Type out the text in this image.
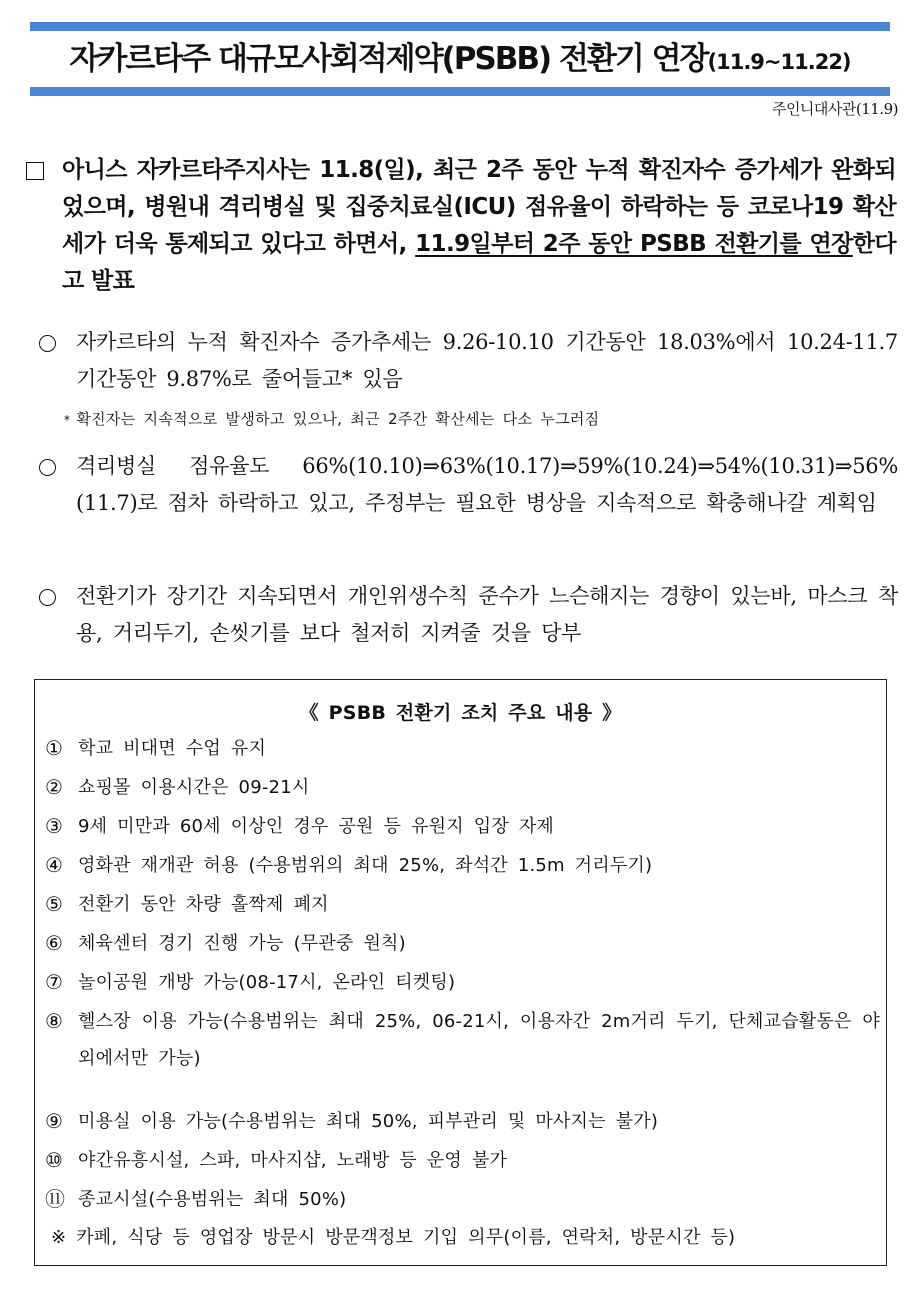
자카르타주 대규모사회적제약(PSBB) 전환기 연장(11.9~11.22)
주인니대사관(11.9)
아니스 자카르타주지사는 11.8(일), 최근 2주 동안 누적 확진자수 증가세가 완화되었으며, 병원내 격리병실 및 집중치료실(ICU) 점유율이 하락하는 등 코로나19 확산세가 더욱 통제되고 있다고 하면서, 11.9일부터 2주 동안 PSBB 전환기를 연장한다고 발표
자카르타의 누적 확진자수 증가추세는 9.26-10.10 기간동안 18.03%에서 10.24-11.7 기간동안 9.87%로 줄어들고* 있음
* 확진자는 지속적으로 발생하고 있으나, 최근 2주간 확산세는 다소 누그러짐
격리병실 점유율도 66%(10.10)⇒63%(10.17)⇒59%(10.24)⇒54%(10.31)⇒56%(11.7)로 점차 하락하고 있고, 주정부는 필요한 병상을 지속적으로 확충해나갈 계획임
전환기가 장기간 지속되면서 개인위생수칙 준수가 느슨해지는 경향이 있는바, 마스크 착용, 거리두기, 손씻기를 보다 철저히 지켜줄 것을 당부
《 PSBB 전환기 조치 주요 내용 》
① 학교 비대면 수업 유지
② 쇼핑몰 이용시간은 09-21시
③ 9세 미만과 60세 이상인 경우 공원 등 유원지 입장 자제
④ 영화관 재개관 허용 (수용범위의 최대 25%, 좌석간 1.5m 거리두기)
⑤ 전환기 동안 차량 홀짝제 폐지
⑥ 체육센터 경기 진행 가능 (무관중 원칙)
⑦ 놀이공원 개방 가능(08-17시, 온라인 티켓팅)
⑧ 헬스장 이용 가능(수용범위는 최대 25%, 06-21시, 이용자간 2m거리 두기, 단체교습활동은 야외에서만 가능)
⑨ 미용실 이용 가능(수용범위는 최대 50%, 피부관리 및 마사지는 불가)
⑩ 야간유흥시설, 스파, 마사지샵, 노래방 등 운영 불가
⑪ 종교시설(수용범위는 최대 50%)
※ 카페, 식당 등 영업장 방문시 방문객정보 기입 의무(이름, 연락처, 방문시간 등)
